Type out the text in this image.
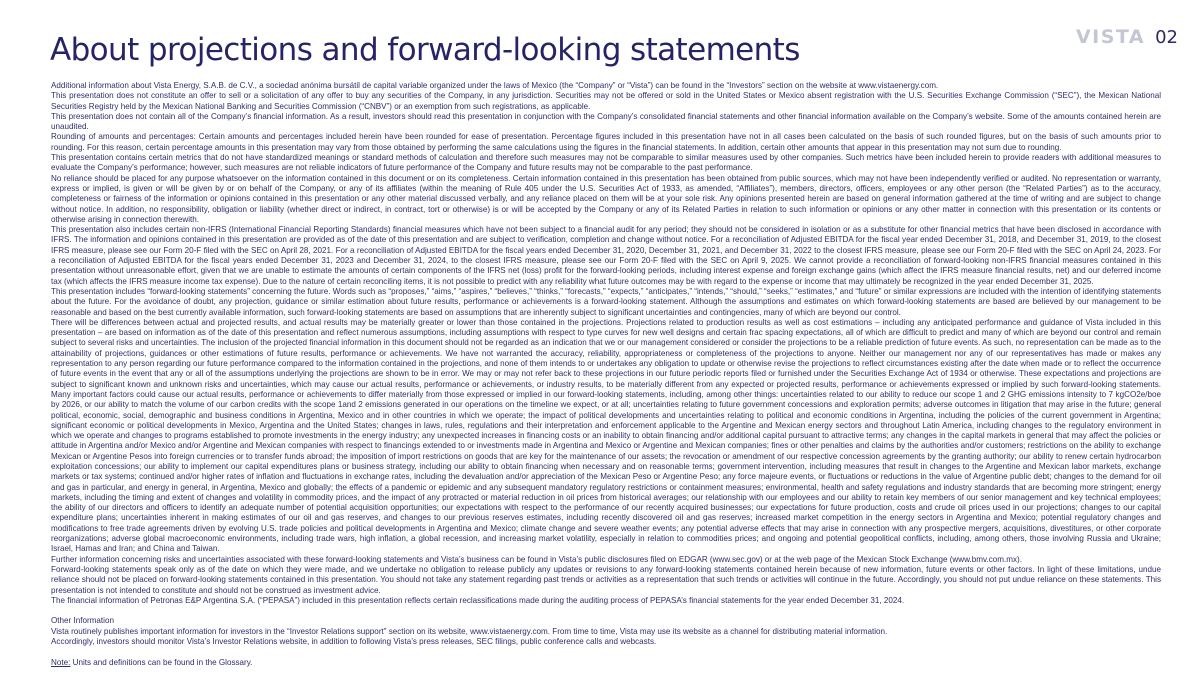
VISTA 02
About projections and forward-looking statements

Additional information about Vista Energy, S.A.B. de C.V., a sociedad anónima bursátil de capital variable organized under the laws of Mexico (the “Company” or “Vista”) can be found in the “Investors” section on the website at www.vistaenergy.com.

This presentation does not constitute an offer to sell or a solicitation of any offer to buy any securities of the Company, in any jurisdiction. Securities may not be offered or sold in the United States or Mexico absent registration with the U.S. Securities Exchange Commission (“SEC”), the Mexican National Securities Registry held by the Mexican National Banking and Securities Commission (“CNBV”) or an exemption from such registrations, as applicable.

This presentation does not contain all of the Company’s financial information. As a result, investors should read this presentation in conjunction with the Company’s consolidated financial statements and other financial information available on the Company’s website. Some of the amounts contained herein are unaudited.

Rounding of amounts and percentages: Certain amounts and percentages included herein have been rounded for ease of presentation. Percentage figures included in this presentation have not in all cases been calculated on the basis of such rounded figures, but on the basis of such amounts prior to rounding. For this reason, certain percentage amounts in this presentation may vary from those obtained by performing the same calculations using the figures in the financial statements. In addition, certain other amounts that appear in this presentation may not sum due to rounding.

This presentation contains certain metrics that do not have standardized meanings or standard methods of calculation and therefore such measures may not be comparable to similar measures used by other companies. Such metrics have been included herein to provide readers with additional measures to evaluate the Company’s performance; however, such measures are not reliable indicators of future performance of the Company and future results may not be comparable to the past performance.

No reliance should be placed for any purpose whatsoever on the information contained in this document or on its completeness. Certain information contained in this presentation has been obtained from public sources, which may not have been independently verified or audited. No representation or warranty, express or implied, is given or will be given by or on behalf of the Company, or any of its affiliates (within the meaning of Rule 405 under the U.S. Securities Act of 1933, as amended, “Affiliates”), members, directors, officers, employees or any other person (the “Related Parties”) as to the accuracy, completeness or fairness of the information or opinions contained in this presentation or any other material discussed verbally, and any reliance placed on them will be at your sole risk. Any opinions presented herein are based on general information gathered at the time of writing and are subject to change without notice. In addition, no responsibility, obligation or liability (whether direct or indirect, in contract, tort or otherwise) is or will be accepted by the Company or any of its Related Parties in relation to such information or opinions or any other matter in connection with this presentation or its contents or otherwise arising in connection therewith.

This presentation also includes certain non-IFRS (International Financial Reporting Standards) financial measures which have not been subject to a financial audit for any period; they should not be considered in isolation or as a substitute for other financial metrics that have been disclosed in accordance with IFRS. The information and opinions contained in this presentation are provided as of the date of this presentation and are subject to verification, completion and change without notice. For a reconciliation of Adjusted EBITDA for the fiscal year ended December 31, 2018, and December 31, 2019, to the closest IFRS measure, please see our Form 20-F filed with the SEC on April 28, 2021. For a reconciliation of Adjusted EBITDA for the fiscal years ended December 31, 2020, December 31, 2021, and December 31, 2022 to the closest IFRS measure, please see our Form 20-F filed with the SEC on April 24, 2023. For a reconciliation of Adjusted EBITDA for the fiscal years ended December 31, 2023 and December 31, 2024, to the closest IFRS measure, please see our Form 20-F filed with the SEC on April 9, 2025. We cannot provide a reconciliation of forward-looking non-IFRS financial measures contained in this presentation without unreasonable effort, given that we are unable to estimate the amounts of certain components of the IFRS net (loss) profit for the forward-looking periods, including interest expense and foreign exchange gains (which affect the IFRS measure financial results, net) and our deferred income tax (which affects the IFRS measure income tax expense). Due to the nature of certain reconciling items, it is not possible to predict with any reliability what future outcomes may be with regard to the expense or income that may ultimately be recognized in the year ended December 31, 2025.

This presentation includes “forward-looking statements” concerning the future. Words such as “proposes,” “aims,” “aspires,” “believes,” “thinks,” “forecasts,” “expects,” “anticipates,” “intends,” “should,” “seeks,” “estimates,” and “future” or similar expressions are included with the intention of identifying statements about the future. For the avoidance of doubt, any projection, guidance or similar estimation about future results, performance or achievements is a forward-looking statement. Although the assumptions and estimates on which forward-looking statements are based are believed by our management to be reasonable and based on the best currently available information, such forward-looking statements are based on assumptions that are inherently subject to significant uncertainties and contingencies, many of which are beyond our control.

There will be differences between actual and projected results, and actual results may be materially greater or lower than those contained in the projections. Projections related to production results as well as cost estimations – including any anticipated performance and guidance of Vista included in this presentation – are based on information as of the date of this presentation and reflect numerous assumptions, including assumptions with respect to type curves for new well designs and certain frac spacing expectations, all of which are difficult to predict and many of which are beyond our control and remain subject to several risks and uncertainties. The inclusion of the projected financial information in this document should not be regarded as an indication that we or our management considered or consider the projections to be a reliable prediction of future events. As such, no representation can be made as to the attainability of projections, guidances or other estimations of future results, performance or achievements. We have not warranted the accuracy, reliability, appropriateness or completeness of the projections to anyone. Neither our management nor any of our representatives has made or makes any representation to any person regarding our future performance compared to the information contained in the projections, and none of them intends to or undertakes any obligation to update or otherwise revise the projections to reflect circumstances existing after the date when made or to reflect the occurrence of future events in the event that any or all of the assumptions underlying the projections are shown to be in error. We may or may not refer back to these projections in our future periodic reports filed or furnished under the Securities Exchange Act of 1934 or otherwise. These expectations and projections are subject to significant known and unknown risks and uncertainties, which may cause our actual results, performance or achievements, or industry results, to be materially different from any expected or projected results, performance or achievements expressed or implied by such forward-looking statements. Many important factors could cause our actual results, performance or achievements to differ materially from those expressed or implied in our forward-looking statements, including, among other things: uncertainties related to our ability to reduce our scope 1 and 2 GHG emissions intensity to 7 kgCO2e/boe by 2026, or our ability to match the volume of our carbon credits with the scope 1and 2 emissions generated in our operations on the timeline we expect, or at all; uncertainties relating to future government concessions and exploration permits; adverse outcomes in litigation that may arise in the future; general political, economic, social, demographic and business conditions in Argentina, Mexico and in other countries in which we operate; the impact of political developments and uncertainties relating to political and economic conditions in Argentina, including the policies of the current government in Argentina; significant economic or political developments in Mexico, Argentina and the United States; changes in laws, rules, regulations and their interpretation and enforcement applicable to the Argentine and Mexican energy sectors and throughout Latin America, including changes to the regulatory environment in which we operate and changes to programs established to promote investments in the energy industry; any unexpected increases in financing costs or an inability to obtain financing and/or additional capital pursuant to attractive terms; any changes in the capital markets in general that may affect the policies or attitude in Argentina and/or Mexico and/or Argentine and Mexican companies with respect to financings extended to or investments made in Argentina and Mexico or Argentine and Mexican companies; fines or other penalties and claims by the authorities and/or customers; restrictions on the ability to exchange Mexican or Argentine Pesos into foreign currencies or to transfer funds abroad; the imposition of import restrictions on goods that are key for the maintenance of our assets; the revocation or amendment of our respective concession agreements by the granting authority; our ability to renew certain hydrocarbon exploitation concessions; our ability to implement our capital expenditures plans or business strategy, including our ability to obtain financing when necessary and on reasonable terms; government intervention, including measures that result in changes to the Argentine and Mexican labor markets, exchange markets or tax systems; continued and/or higher rates of inflation and fluctuations in exchange rates, including the devaluation and/or appreciation of the Mexican Peso or Argentine Peso; any force majeure events, or fluctuations or reductions in the value of Argentine public debt; changes to the demand for oil and gas in particular, and energy in general, in Argentina, Mexico and globally; the effects of a pandemic or epidemic and any subsequent mandatory regulatory restrictions or containment measures; environmental, health and safety regulations and industry standards that are becoming more stringent; energy markets, including the timing and extent of changes and volatility in commodity prices, and the impact of any protracted or material reduction in oil prices from historical averages; our relationship with our employees and our ability to retain key members of our senior management and key technical employees; the ability of our directors and officers to identify an adequate number of potential acquisition opportunities; our expectations with respect to the performance of our recently acquired businesses; our expectations for future production, costs and crude oil prices used in our projections; changes to our capital expenditure plans; uncertainties inherent in making estimates of our oil and gas reserves, and changes to our previous reserves estimates, including recently discovered oil and gas reserves; increased market competition in the energy sectors in Argentina and Mexico; potential regulatory changes and modifications to free trade agreements driven by evolving U.S. trade policies and political developments in Argentina and Mexico; climate change and severe weather events; any potential adverse effects that may arise in connection with any prospective mergers, acquisitions, divestitures, or other corporate reorganizations; adverse global macroeconomic environments, including trade wars, high inflation, a global recession, and increasing market volatility, especially in relation to commodities prices; and ongoing and potential geopolitical conflicts, including, among others, those involving Russia and Ukraine; Israel, Hamas and Iran; and China and Taiwan.

Further information concerning risks and uncertainties associated with these forward-looking statements and Vista’s business can be found in Vista’s public disclosures filed on EDGAR (www.sec.gov) or at the web page of the Mexican Stock Exchange (www.bmv.com.mx).

Forward-looking statements speak only as of the date on which they were made, and we undertake no obligation to release publicly any updates or revisions to any forward-looking statements contained herein because of new information, future events or other factors. In light of these limitations, undue reliance should not be placed on forward-looking statements contained in this presentation. You should not take any statement regarding past trends or activities as a representation that such trends or activities will continue in the future. Accordingly, you should not put undue reliance on these statements. This presentation is not intended to constitute and should not be construed as investment advice.

The financial information of Petronas E&P Argentina S.A. (“PEPASA”) included in this presentation reflects certain reclassifications made during the auditing process of PEPASA’s financial statements for the year ended December 31, 2024.

Other Information

Vista routinely publishes important information for investors in the “Investor Relations support” section on its website, www.vistaenergy.com. From time to time, Vista may use its website as a channel for distributing material information.

Accordingly, investors should monitor Vista’s Investor Relations website, in addition to following Vista’s press releases, SEC filings, public conference calls and webcasts.

Note: Units and definitions can be found in the Glossary.
